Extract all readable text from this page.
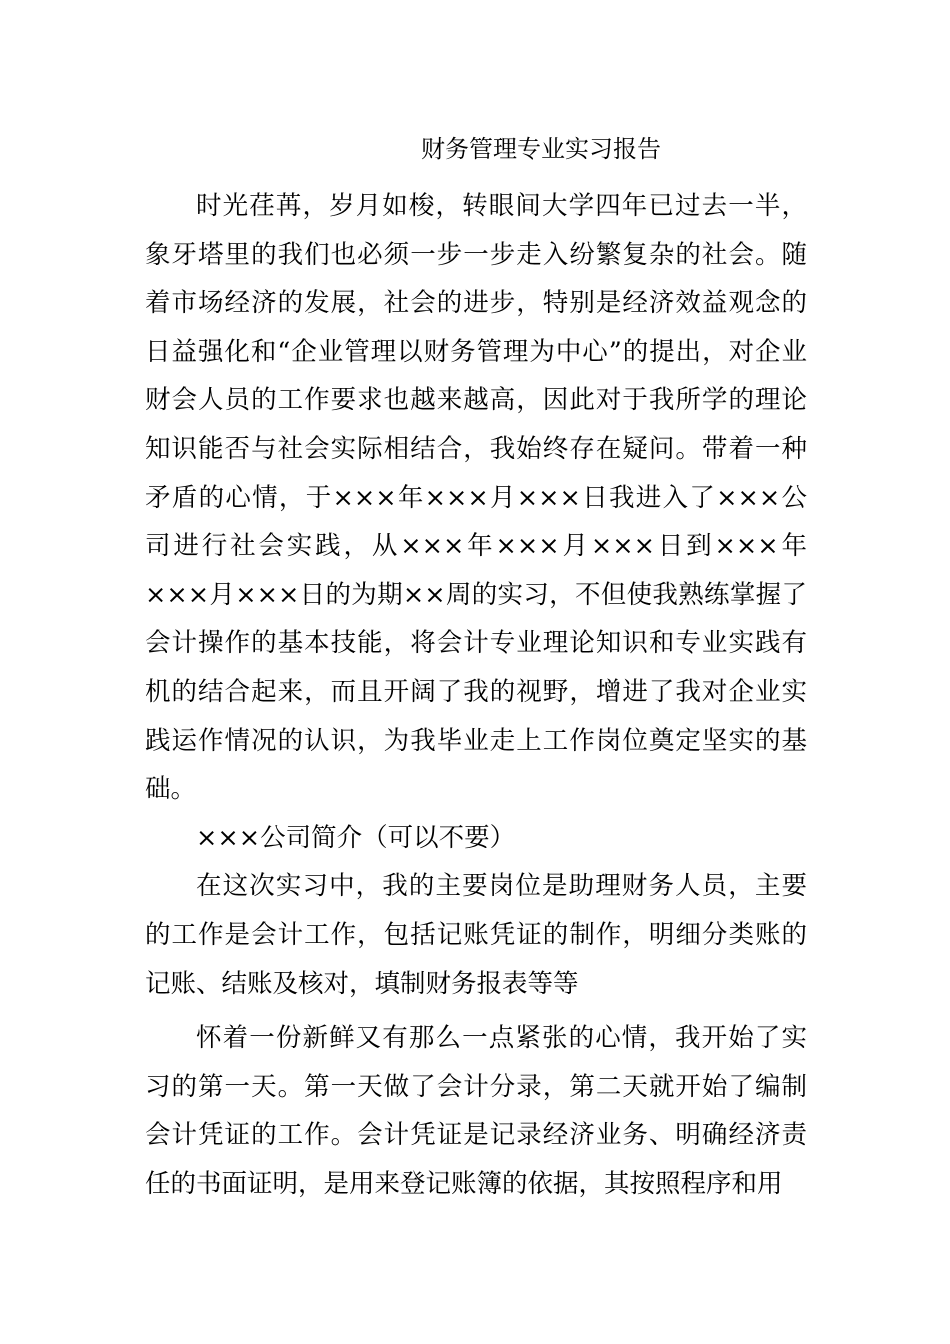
财务管理专业实习报告

时光荏苒，岁月如梭，转眼间大学四年已过去一半，象牙塔里的我们也必须一步一步走入纷繁复杂的社会。随着市场经济的发展，社会的进步，特别是经济效益观念的日益强化和“企业管理以财务管理为中心”的提出，对企业财会人员的工作要求也越来越高，因此对于我所学的理论知识能否与社会实际相结合，我始终存在疑问。带着一种矛盾的心情，于×××年×××月×××日我进入了×××公司进行社会实践，从×××年×××月×××日到×××年×××月×××日的为期××周的实习，不但使我熟练掌握了会计操作的基本技能，将会计专业理论知识和专业实践有机的结合起来，而且开阔了我的视野，增进了我对企业实践运作情况的认识，为我毕业走上工作岗位奠定坚实的基础。

×××公司简介（可以不要）

在这次实习中，我的主要岗位是助理财务人员，主要的工作是会计工作，包括记账凭证的制作，明细分类账的记账、结账及核对，填制财务报表等等

怀着一份新鲜又有那么一点紧张的心情，我开始了实习的第一天。第一天做了会计分录，第二天就开始了编制会计凭证的工作。会计凭证是记录经济业务、明确经济责任的书面证明，是用来登记账簿的依据，其按照程序和用
